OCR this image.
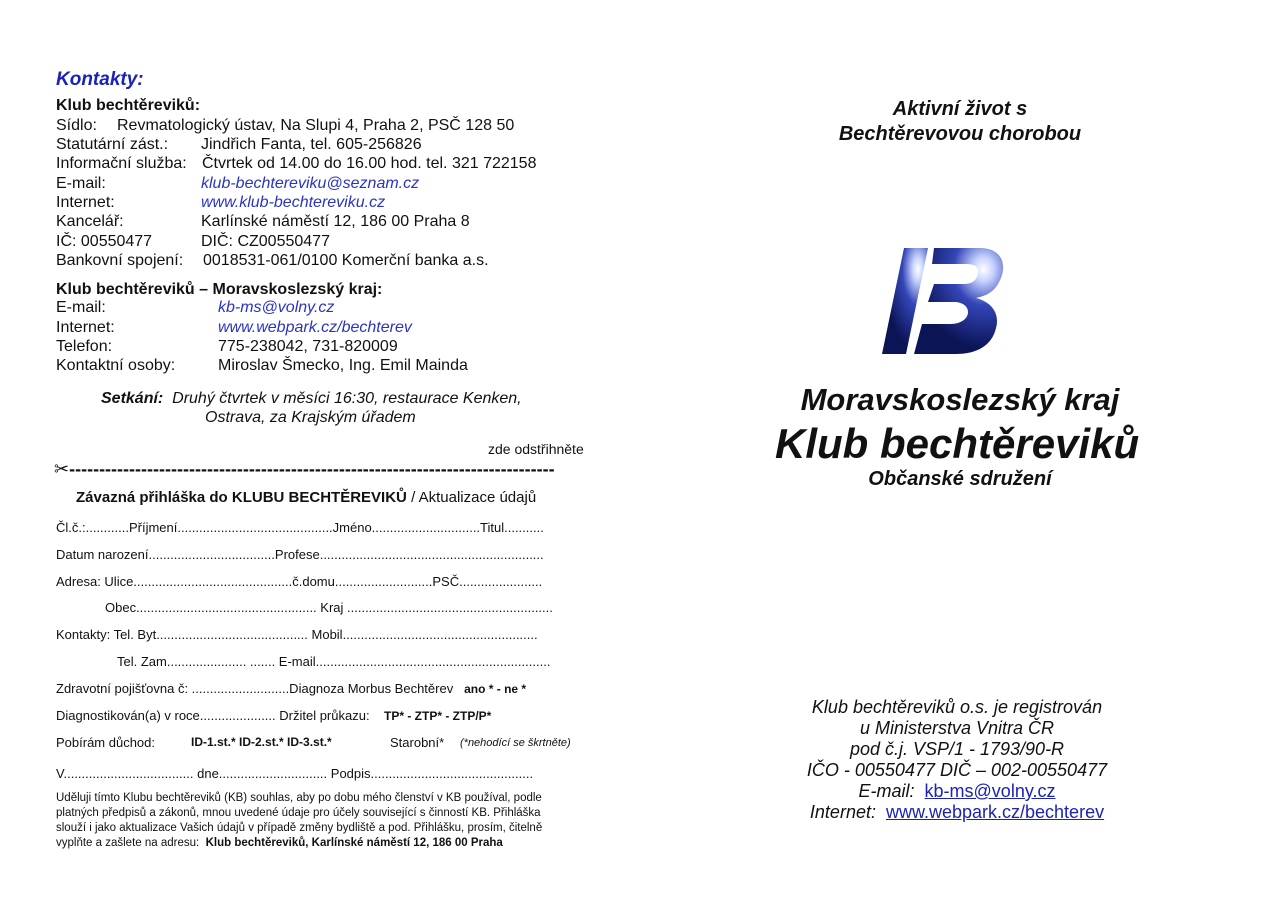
Kontakty:
Klub bechtěreviků:
Sídlo: Revmatologický ústav, Na Slupi 4, Praha 2, PSČ 128 50
Statutární zást.: Jindřich Fanta, tel. 605-256826
Informační služba: Čtvrtek od 14.00 do 16.00 hod. tel. 321 722158
E-mail:	klub-bechtereviku@seznam.cz
Internet:	www.klub-bechtereviku.cz
Kancelář:	Karlínské náměstí 12, 186 00 Praha 8
IČ: 00550477	DIČ: CZ00550477
Bankovní spojení: 0018531-061/0100 Komerční banka a.s.
Klub bechtěreviků – Moravskoslezský kraj:
E-mail:	kb-ms@volny.cz
Internet:	www.webpark.cz/bechterev
Telefon:	775-238042, 731-820009
Kontaktní osoby:	Miroslav Šmecko, Ing. Emil Mainda
Setkání: Druhý čtvrtek v měsíci 16:30, restaurace Kenken,
Ostrava, za Krajským úřadem
zde odstřihněte
✂---------------------------------------------------------------------------------
Závazná přihláška do KLUBU BECHTĚREVIKŮ / Aktualizace údajů
Čl.č.:............Příjmení...........................................Jméno..............................Titul...........
Datum narození...................................Profese..............................................................
Adresa: Ulice............................................č.domu...........................PSČ.......................
Obec.................................................. Kraj .........................................................
Kontakty: Tel. Byt.......................................... Mobil......................................................
Tel. Zam...................... ....... E-mail.................................................................
Zdravotní pojišťovna č: ...........................Diagnoza Morbus Bechtěrev ano * - ne *
Diagnostikován(a) v roce..................... Držitel průkazu: TP* - ZTP* - ZTP/P*
Pobírám důchod:	ID-1.st.* ID-2.st.* ID-3.st.*	Starobní* (*nehodící se škrtněte)
V.................................... dne.............................. Podpis.............................................
Uděluji tímto Klubu bechtěreviků (KB) souhlas, aby po dobu mého členství v KB používal, podle
platných předpisů a zákonů, mnou uvedené údaje pro účely související s činností KB. Přihláška
slouží i jako aktualizace Vašich údajů v případě změny bydliště a pod. Přihlášku, prosím, čitelně
vyplňte a zašlete na adresu: Klub bechtěreviků, Karlínské náměstí 12, 186 00 Praha
Aktivní život s
Bechtěrevovou chorobou
Moravskoslezský kraj
Klub bechtěreviků
Občanské sdružení
Klub bechtěreviků o.s. je registrován
u Ministerstva Vnitra ČR
pod č.j. VSP/1 - 1793/90-R
IČO - 00550477 DIČ – 002-00550477
E-mail: kb-ms@volny.cz
Internet: www.webpark.cz/bechterev
